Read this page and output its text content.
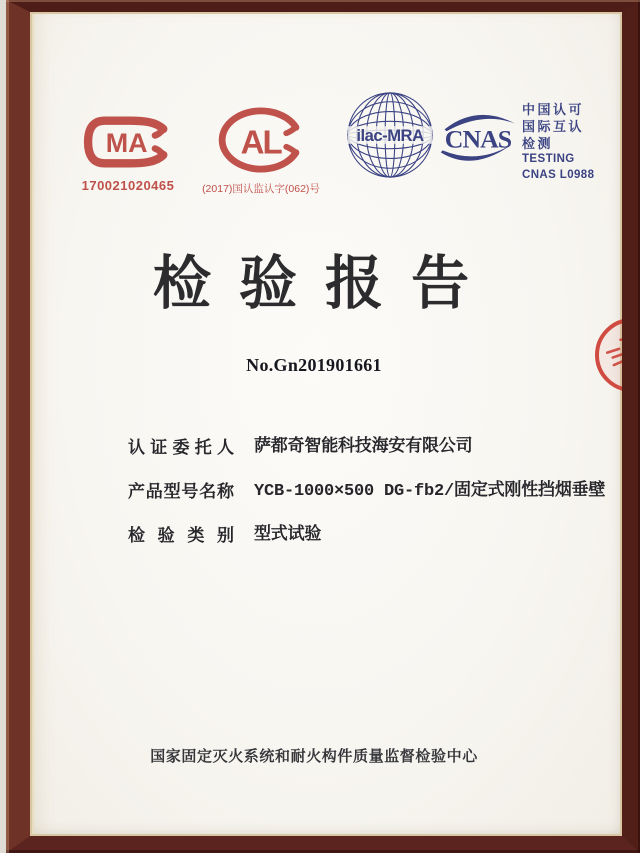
MA
170021020465
AL
(2017)国认监认字(062)号
ilac-MRA CNAS
中国认可
国际互认
检测
TESTING
CNAS L0988
检 验 报 告
No.Gn201901661
认证委托人 萨都奇智能科技海安有限公司
产品型号名称 YCB-1000×500 DG-fb2/固定式刚性挡烟垂壁
检验类别 型式试验
国家固定灭火系统和耐火构件质量监督检验中心
